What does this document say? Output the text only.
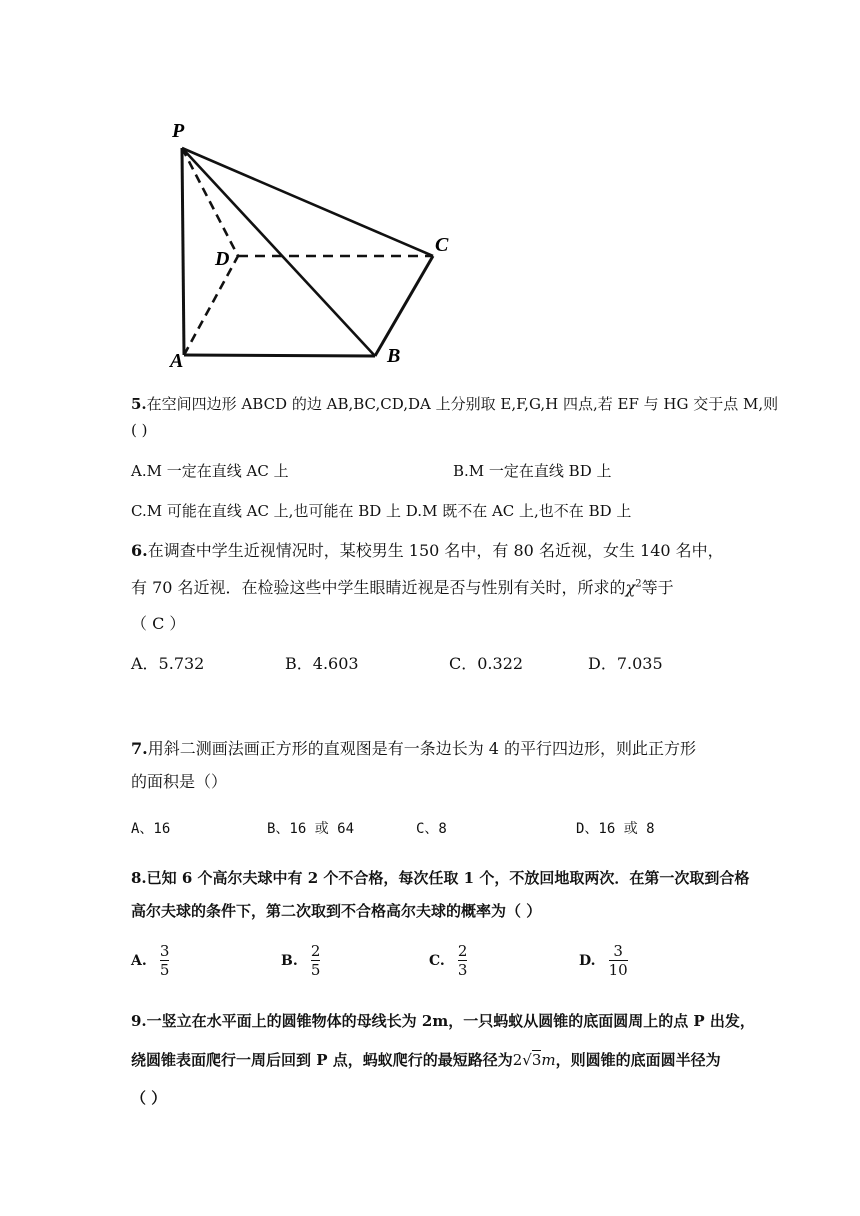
P
D
C
A	B
5.在空间四边形 ABCD 的边 AB,BC,CD,DA 上分别取 E,F,G,H 四点,若 EF 与 HG 交于点 M,则
( )
A.M 一定在直线 AC 上	B.M 一定在直线 BD 上
C.M 可能在直线 AC 上,也可能在 BD 上 D.M 既不在 AC 上,也不在 BD 上
6.在调查中学生近视情况时，某校男生 150 名中，有 80 名近视，女生 140 名中，
有 70 名近视．在检验这些中学生眼睛近视是否与性别有关时，所求的$\chi^2$等于
（ C ）
A．5.732	B．4.603	C．0.322	D．7.035
7.用斜二测画法画正方形的直观图是有一条边长为 4 的平行四边形，则此正方形
的面积是（）
A、16	B、16 或 64	C、8	D、16 或 8
8.已知 6 个高尔夫球中有 2 个不合格，每次任取 1 个，不放回地取两次．在第一次取到合格
高尔夫球的条件下，第二次取到不合格高尔夫球的概率为（ ）
A. $\frac{3}{5}$	B. $\frac{2}{5}$	C. $\frac{2}{3}$	D. $\frac{3}{10}$
9.一竖立在水平面上的圆锥物体的母线长为 2m，一只蚂蚁从圆锥的底面圆周上的点 P 出发，
绕圆锥表面爬行一周后回到 P 点，蚂蚁爬行的最短路径为2√3m，则圆锥的底面圆半径为
（ ）
